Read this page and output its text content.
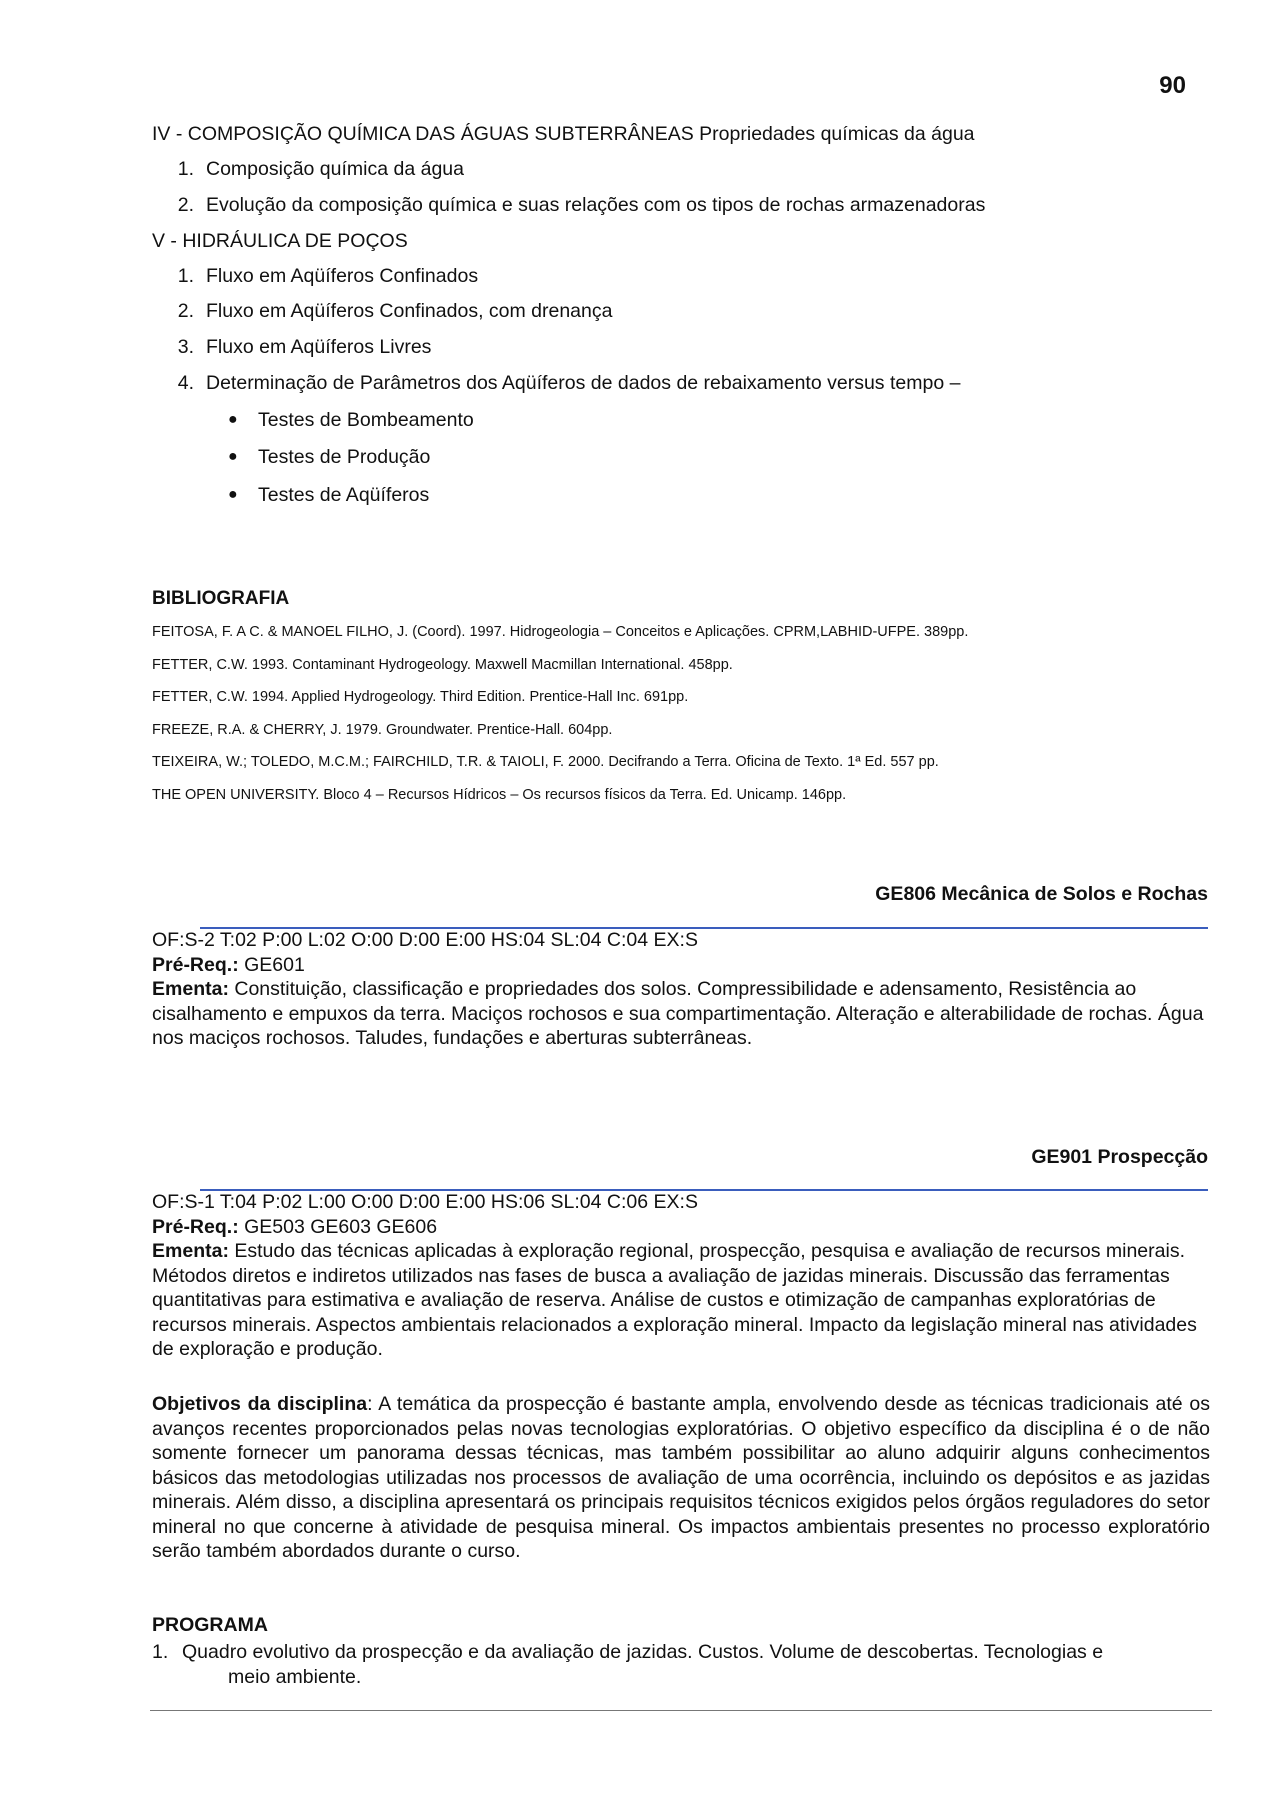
90
IV - COMPOSIÇÃO QUÍMICA DAS ÁGUAS SUBTERRÂNEAS Propriedades químicas da água
1. Composição química da água
2. Evolução da composição química e suas relações com os tipos de rochas armazenadoras
V - HIDRÁULICA DE POÇOS
1. Fluxo em Aqüíferos Confinados
2. Fluxo em Aqüíferos Confinados, com drenança
3. Fluxo em Aqüíferos Livres
4. Determinação de Parâmetros dos Aqüíferos de dados de rebaixamento versus tempo –
● Testes de Bombeamento
● Testes de Produção
● Testes de Aqüíferos
BIBLIOGRAFIA
FEITOSA, F. A C. & MANOEL FILHO, J. (Coord). 1997. Hidrogeologia – Conceitos e Aplicações. CPRM,LABHID-UFPE. 389pp.
FETTER, C.W. 1993. Contaminant Hydrogeology. Maxwell Macmillan International. 458pp.
FETTER, C.W. 1994. Applied Hydrogeology. Third Edition. Prentice-Hall Inc. 691pp.
FREEZE, R.A. & CHERRY, J. 1979. Groundwater. Prentice-Hall. 604pp.
TEIXEIRA, W.; TOLEDO, M.C.M.; FAIRCHILD, T.R. & TAIOLI, F. 2000. Decifrando a Terra. Oficina de Texto. 1ª Ed. 557 pp.
THE OPEN UNIVERSITY. Bloco 4 – Recursos Hídricos – Os recursos físicos da Terra. Ed. Unicamp. 146pp.
GE806 Mecânica de Solos e Rochas

OF:S-2 T:02 P:00 L:02 O:00 D:00 E:00 HS:04 SL:04 C:04 EX:S

Pré-Req.: GE601

Ementa: Constituição, classificação e propriedades dos solos. Compressibilidade e adensamento, Resistência ao cisalhamento e empuxos da terra. Maciços rochosos e sua compartimentação. Alteração e alterabilidade de rochas. Água nos maciços rochosos. Taludes, fundações e aberturas subterrâneas.

GE901 Prospecção

OF:S-1 T:04 P:02 L:00 O:00 D:00 E:00 HS:06 SL:04 C:06 EX:S

Pré-Req.: GE503 GE603 GE606

Ementa: Estudo das técnicas aplicadas à exploração regional, prospecção, pesquisa e avaliação de recursos minerais. Métodos diretos e indiretos utilizados nas fases de busca a avaliação de jazidas minerais. Discussão das ferramentas quantitativas para estimativa e avaliação de reserva. Análise de custos e otimização de campanhas exploratórias de recursos minerais. Aspectos ambientais relacionados a exploração mineral. Impacto da legislação mineral nas atividades de exploração e produção.

Objetivos da disciplina: A temática da prospecção é bastante ampla, envolvendo desde as técnicas tradicionais até os avanços recentes proporcionados pelas novas tecnologias exploratórias. O objetivo específico da disciplina é o de não somente fornecer um panorama dessas técnicas, mas também possibilitar ao aluno adquirir alguns conhecimentos básicos das metodologias utilizadas nos processos de avaliação de uma ocorrência, incluindo os depósitos e as jazidas minerais. Além disso, a disciplina apresentará os principais requisitos técnicos exigidos pelos órgãos reguladores do setor mineral no que concerne à atividade de pesquisa mineral. Os impactos ambientais presentes no processo exploratório serão também abordados durante o curso.

PROGRAMA
1. Quadro evolutivo da prospecção e da avaliação de jazidas. Custos. Volume de descobertas. Tecnologias e
meio ambiente.
